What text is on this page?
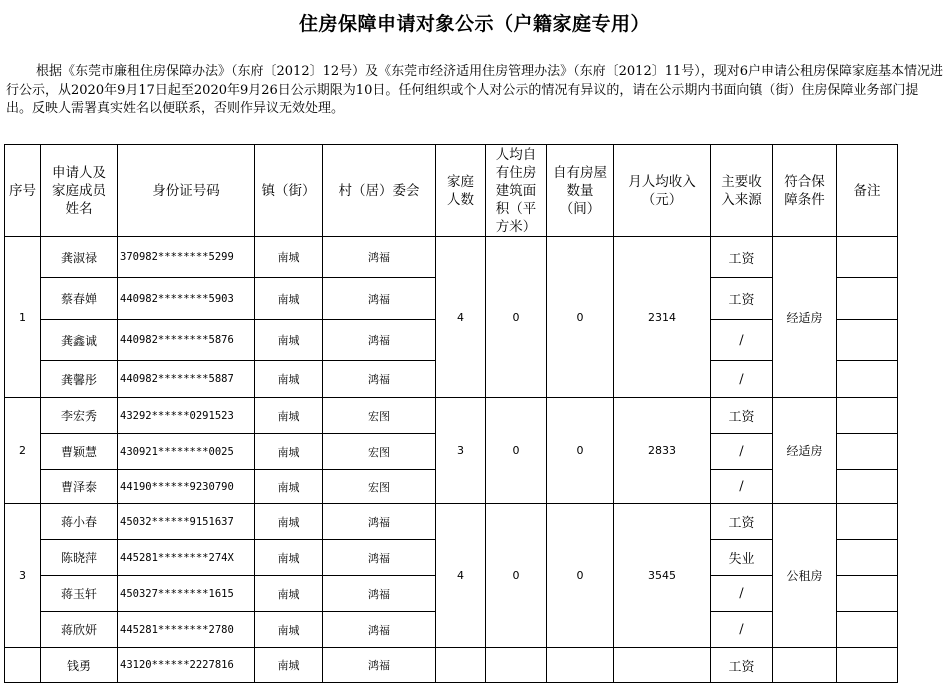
住房保障申请对象公示（户籍家庭专用）
根据《东莞市廉租住房保障办法》（东府〔2012〕12号）及《东莞市经济适用住房管理办法》（东府〔2012〕11号），现对6户申请公租房保障家庭基本情况进行公示，从2020年9月17日起至2020年9月26日公示期限为10日。任何组织或个人对公示的情况有异议的，请在公示期内书面向镇（街）住房保障业务部门提出。反映人需署真实姓名以便联系，否则作异议无效处理。
序号	申请人及家庭成员姓名	身份证号码	镇（街）	村（居）委会	家庭人数	人均自有住房建筑面积（平方米）	自有房屋数量（间）	月人均收入（元）	主要收入来源	符合保障条件	备注
1	龚淑禄	370982********5299	南城	鸿福	4	0	0	2314	工资	经适房	
	蔡春婵	440982********5903	南城	鸿福					工资		
	龚鑫诚	440982********5876	南城	鸿福					/		
	龚馨彤	440982********5887	南城	鸿福					/		
2	李宏秀	43292******0291523	南城	宏图	3	0	0	2833	工资	经适房	
	曹颖慧	430921********0025	南城	宏图					/		
	曹泽泰	44190******9230790	南城	宏图					/		
3	蒋小春	45032******9151637	南城	鸿福	4	0	0	3545	工资	公租房	
	陈晓萍	445281********274X	南城	鸿福					失业		
	蒋玉轩	450327********1615	南城	鸿福					/		
	蒋欣妍	445281********2780	南城	鸿福					/		
	钱勇	43120******2227816	南城	鸿福					工资		
